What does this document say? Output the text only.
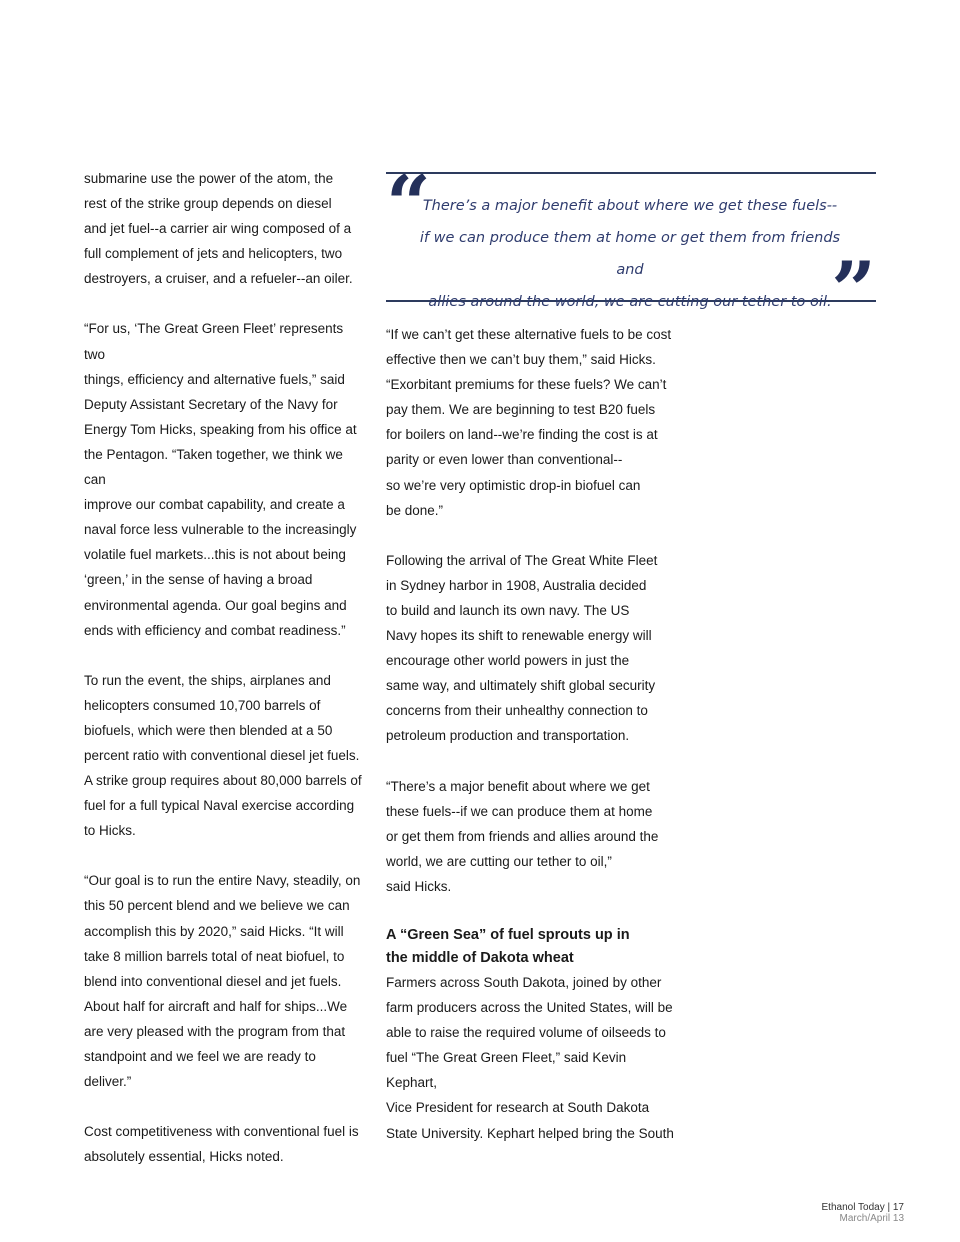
submarine use the power of the atom, the
rest of the strike group depends on diesel
and jet fuel--a carrier air wing composed of a
full complement of jets and helicopters, two
destroyers, a cruiser, and a refueler--an oiler.

“For us, ‘The Great Green Fleet’ represents two
things, efficiency and alternative fuels,” said
Deputy Assistant Secretary of the Navy for
Energy Tom Hicks, speaking from his office at
the Pentagon. “Taken together, we think we can
improve our combat capability, and create a
naval force less vulnerable to the increasingly
volatile fuel markets...this is not about being
‘green,’ in the sense of having a broad
environmental agenda. Our goal begins and
ends with efficiency and combat readiness.”

To run the event, the ships, airplanes and
helicopters consumed 10,700 barrels of
biofuels, which were then blended at a 50
percent ratio with conventional diesel jet fuels.
A strike group requires about 80,000 barrels of
fuel for a full typical Naval exercise according
to Hicks.

“Our goal is to run the entire Navy, steadily, on
this 50 percent blend and we believe we can
accomplish this by 2020,” said Hicks. “It will
take 8 million barrels total of neat biofuel, to
blend into conventional diesel and jet fuels.
About half for aircraft and half for ships...We
are very pleased with the program from that
standpoint and we feel we are ready to deliver.”

Cost competitiveness with conventional fuel is
absolutely essential, Hicks noted.

“
There’s a major benefit about where we get these fuels--
if we can produce them at home or get them from friends and
allies around the world, we are cutting our tether to oil. ”

“If we can’t get these alternative fuels to be cost
effective then we can’t buy them,” said Hicks.
“Exorbitant premiums for these fuels? We can’t
pay them. We are beginning to test B20 fuels
for boilers on land--we’re finding the cost is at
parity or even lower than conventional--
so we’re very optimistic drop-in biofuel can
be done.”

Following the arrival of The Great White Fleet
in Sydney harbor in 1908, Australia decided
to build and launch its own navy. The US
Navy hopes its shift to renewable energy will
encourage other world powers in just the
same way, and ultimately shift global security
concerns from their unhealthy connection to
petroleum production and transportation.

“There’s a major benefit about where we get
these fuels--if we can produce them at home
or get them from friends and allies around the
world, we are cutting our tether to oil,”
said Hicks.

A “Green Sea” of fuel sprouts up in
the middle of Dakota wheat

Farmers across South Dakota, joined by other
farm producers across the United States, will be
able to raise the required volume of oilseeds to
fuel “The Great Green Fleet,” said Kevin Kephart,
Vice President for research at South Dakota
State University. Kephart helped bring the South

Ethanol Today | 17
March/April 13
